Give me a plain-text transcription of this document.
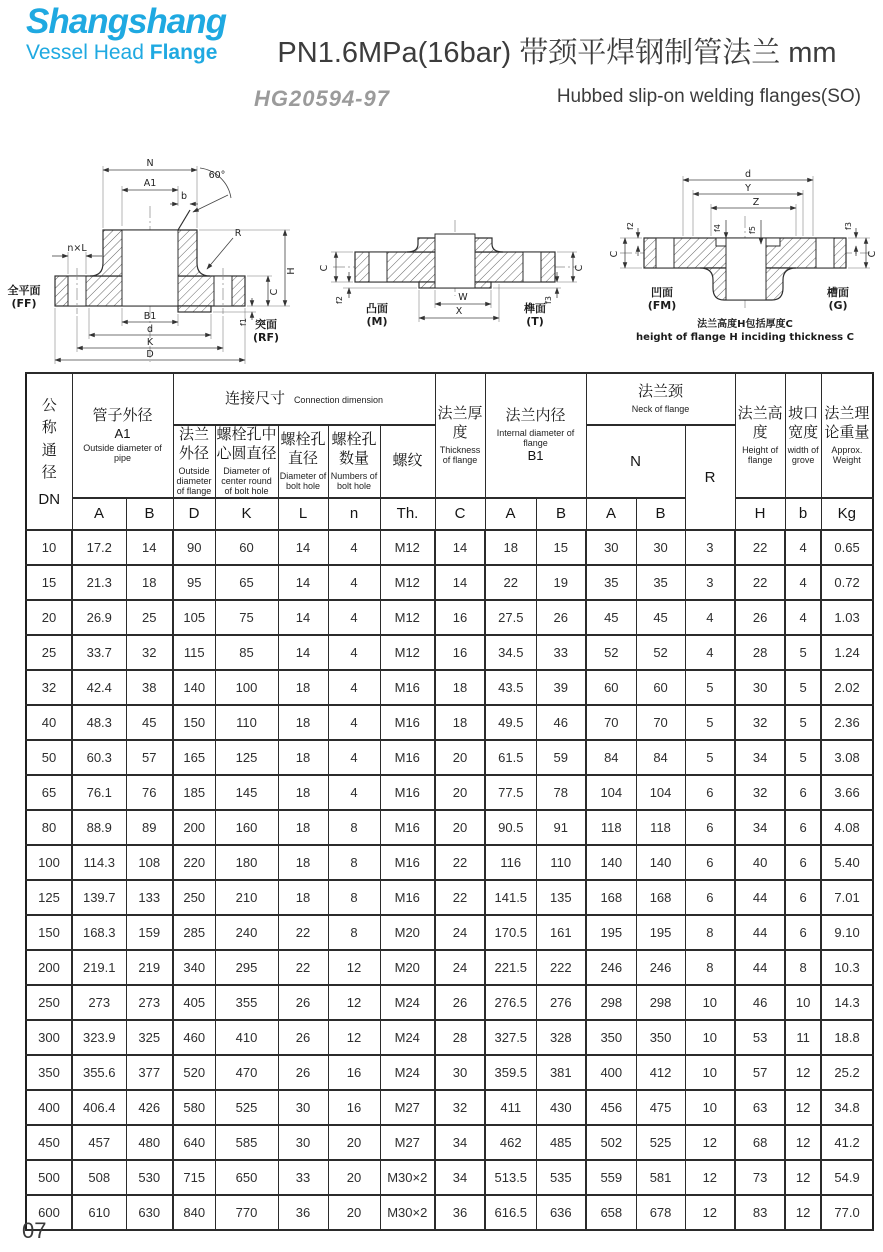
Shangshang
Vessel Head Flange	PN1.6MPa(16bar) 带颈平焊钢制管法兰 mm
HG20594-97	Hubbed slip-on welding flanges(SO)
N
A1
60°
b
R
n×L
H
C
f1
B1
d
K
D
全平面
(FF)
突面
(RF)
C
f2
C
f3
W
X
凸面
(M)
榫面
(T)
d
Y
Z
f4	f5
C
f2	f3
C
凹面
(FM)
槽面
(G)
法兰高度H包括厚度C
height of flange H inciding thickness C
公称通径
DN

管子外径
A1
Outside diameter of pipe
	连接尺寸 Connection dimension	
法兰厚度
Thickness of flange

法兰内径
Internal diameter of flange
B1

法兰颈
Neck of flange	法兰高度
Height of flange

坡口宽度
width of grove

法兰理论重量
Approx. Weight

法兰外径
Outside diameter of flange

螺栓孔中心圆直径
Diameter of center round of bolt hole

螺栓孔直径
Diameter of bolt hole

螺栓孔数量
Numbers of bolt hole

螺纹	N

R

	A	B	D	K	L	n	Th.	C	A	B	A	B		H	b	Kg
10	17.2	14	90	60	14	4	M12	14	18	15	30	30	3	22	4	0.65
15	21.3	18	95	65	14	4	M12	14	22	19	35	35	3	22	4	0.72
20	26.9	25	105	75	14	4	M12	16	27.5	26	45	45	4	26	4	1.03
25	33.7	32	115	85	14	4	M12	16	34.5	33	52	52	4	28	5	1.24
32	42.4	38	140	100	18	4	M16	18	43.5	39	60	60	5	30	5	2.02
40	48.3	45	150	110	18	4	M16	18	49.5	46	70	70	5	32	5	2.36
50	60.3	57	165	125	18	4	M16	20	61.5	59	84	84	5	34	5	3.08
65	76.1	76	185	145	18	4	M16	20	77.5	78	104	104	6	32	6	3.66
80	88.9	89	200	160	18	8	M16	20	90.5	91	118	118	6	34	6	4.08
100	114.3	108	220	180	18	8	M16	22	116	110	140	140	6	40	6	5.40
125	139.7	133	250	210	18	8	M16	22	141.5	135	168	168	6	44	6	7.01
150	168.3	159	285	240	22	8	M20	24	170.5	161	195	195	8	44	6	9.10
200	219.1	219	340	295	22	12	M20	24	221.5	222	246	246	8	44	8	10.3
250	273	273	405	355	26	12	M24	26	276.5	276	298	298	10	46	10	14.3
300	323.9	325	460	410	26	12	M24	28	327.5	328	350	350	10	53	11	18.8
350	355.6	377	520	470	26	16	M24	30	359.5	381	400	412	10	57	12	25.2
400	406.4	426	580	525	30	16	M27	32	411	430	456	475	10	63	12	34.8
450	457	480	640	585	30	20	M27	34	462	485	502	525	12	68	12	41.2
500	508	530	715	650	33	20	M30×2	34	513.5	535	559	581	12	73	12	54.9
600	610	630	840	770	36	20	M30×2	36	616.5	636	658	678	12	83	12	77.0
07
